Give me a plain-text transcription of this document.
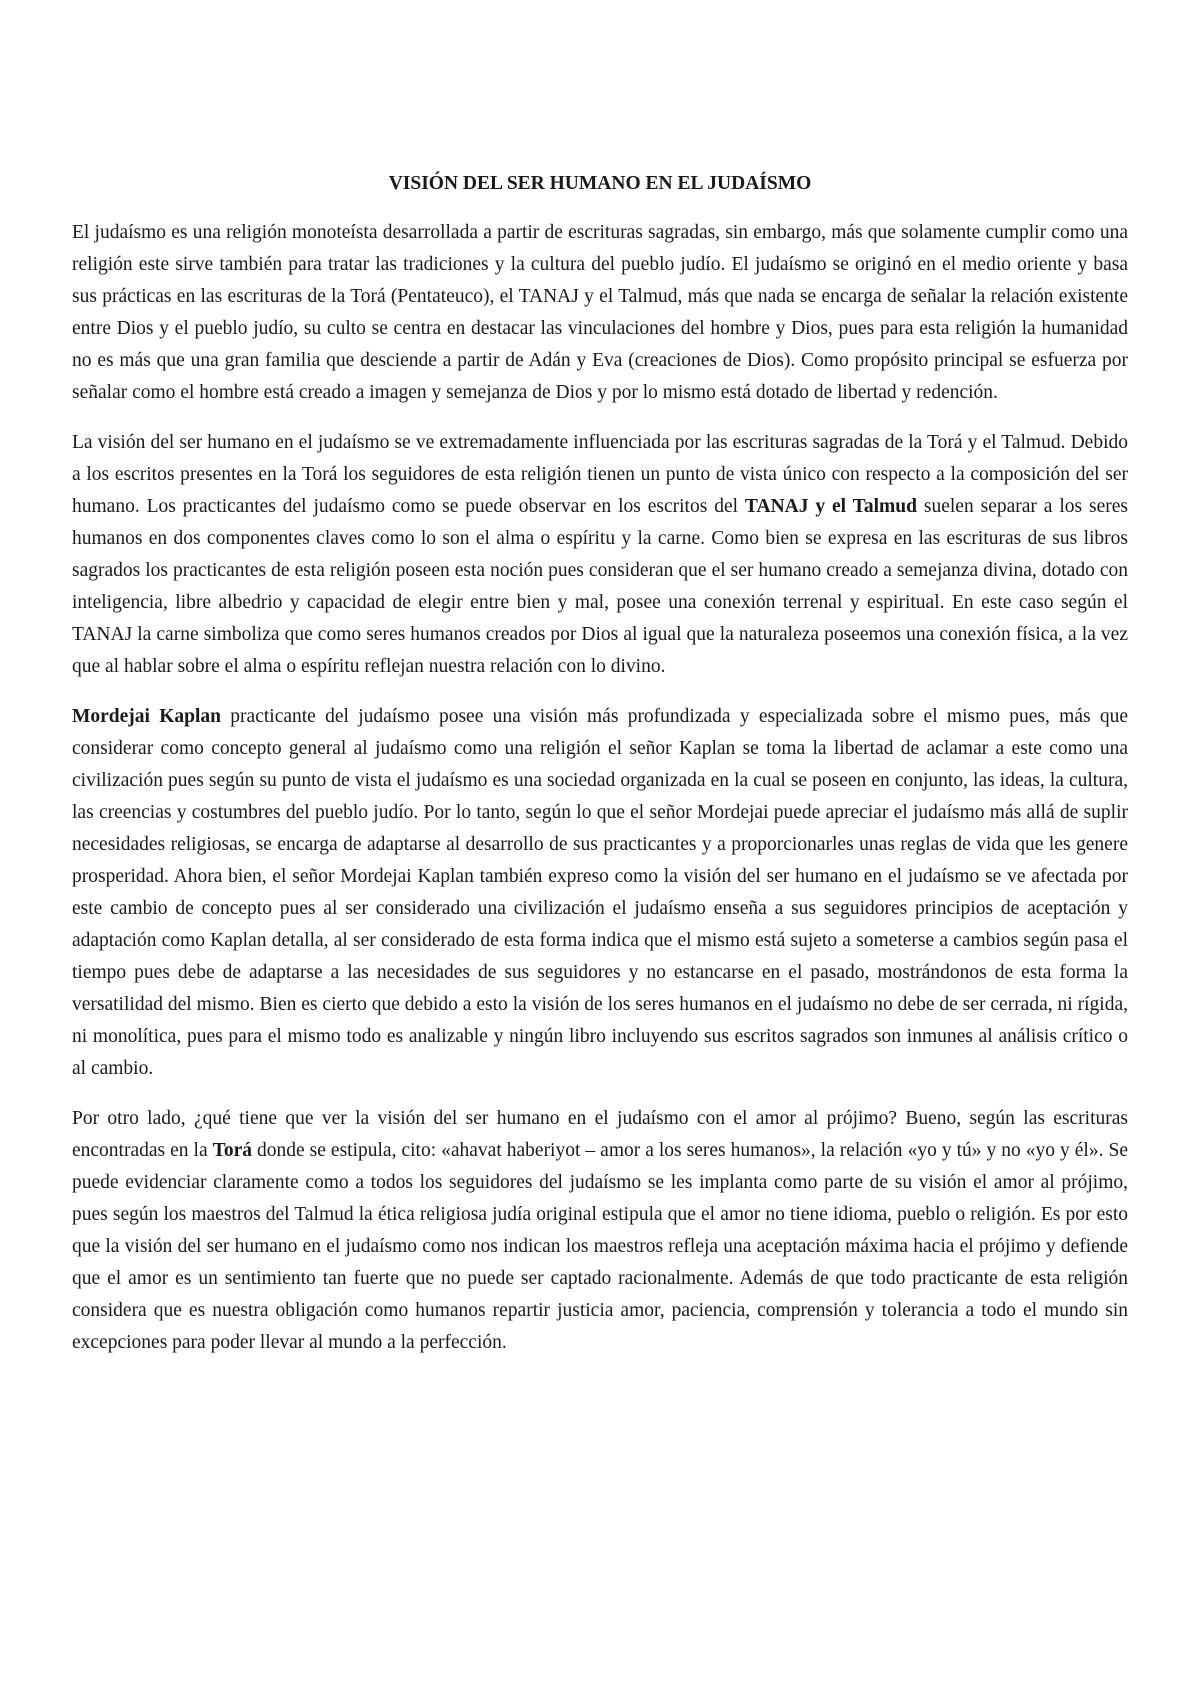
VISIÓN DEL SER HUMANO EN EL JUDAÍSMO

El judaísmo es una religión monoteísta desarrollada a partir de escrituras sagradas, sin embargo, más que solamente cumplir como una religión este sirve también para tratar las tradiciones y la cultura del pueblo judío. El judaísmo se originó en el medio oriente y basa sus prácticas en las escrituras de la Torá (Pentateuco), el TANAJ y el Talmud, más que nada se encarga de señalar la relación existente entre Dios y el pueblo judío, su culto se centra en destacar las vinculaciones del hombre y Dios, pues para esta religión la humanidad no es más que una gran familia que desciende a partir de Adán y Eva (creaciones de Dios). Como propósito principal se esfuerza por señalar como el hombre está creado a imagen y semejanza de Dios y por lo mismo está dotado de libertad y redención.

La visión del ser humano en el judaísmo se ve extremadamente influenciada por las escrituras sagradas de la Torá y el Talmud. Debido a los escritos presentes en la Torá los seguidores de esta religión tienen un punto de vista único con respecto a la composición del ser humano. Los practicantes del judaísmo como se puede observar en los escritos del TANAJ y el Talmud suelen separar a los seres humanos en dos componentes claves como lo son el alma o espíritu y la carne. Como bien se expresa en las escrituras de sus libros sagrados los practicantes de esta religión poseen esta noción pues consideran que el ser humano creado a semejanza divina, dotado con inteligencia, libre albedrio y capacidad de elegir entre bien y mal, posee una conexión terrenal y espiritual. En este caso según el TANAJ la carne simboliza que como seres humanos creados por Dios al igual que la naturaleza poseemos una conexión física, a la vez que al hablar sobre el alma o espíritu reflejan nuestra relación con lo divino.

Mordejai Kaplan practicante del judaísmo posee una visión más profundizada y especializada sobre el mismo pues, más que considerar como concepto general al judaísmo como una religión el señor Kaplan se toma la libertad de aclamar a este como una civilización pues según su punto de vista el judaísmo es una sociedad organizada en la cual se poseen en conjunto, las ideas, la cultura, las creencias y costumbres del pueblo judío. Por lo tanto, según lo que el señor Mordejai puede apreciar el judaísmo más allá de suplir necesidades religiosas, se encarga de adaptarse al desarrollo de sus practicantes y a proporcionarles unas reglas de vida que les genere prosperidad. Ahora bien, el señor Mordejai Kaplan también expreso como la visión del ser humano en el judaísmo se ve afectada por este cambio de concepto pues al ser considerado una civilización el judaísmo enseña a sus seguidores principios de aceptación y adaptación como Kaplan detalla, al ser considerado de esta forma indica que el mismo está sujeto a someterse a cambios según pasa el tiempo pues debe de adaptarse a las necesidades de sus seguidores y no estancarse en el pasado, mostrándonos de esta forma la versatilidad del mismo. Bien es cierto que debido a esto la visión de los seres humanos en el judaísmo no debe de ser cerrada, ni rígida, ni monolítica, pues para el mismo todo es analizable y ningún libro incluyendo sus escritos sagrados son inmunes al análisis crítico o al cambio.

Por otro lado, ¿qué tiene que ver la visión del ser humano en el judaísmo con el amor al prójimo? Bueno, según las escrituras encontradas en la Torá donde se estipula, cito: «ahavat haberiyot – amor a los seres humanos», la relación «yo y tú» y no «yo y él». Se puede evidenciar claramente como a todos los seguidores del judaísmo se les implanta como parte de su visión el amor al prójimo, pues según los maestros del Talmud la ética religiosa judía original estipula que el amor no tiene idioma, pueblo o religión. Es por esto que la visión del ser humano en el judaísmo como nos indican los maestros refleja una aceptación máxima hacia el prójimo y defiende que el amor es un sentimiento tan fuerte que no puede ser captado racionalmente. Además de que todo practicante de esta religión considera que es nuestra obligación como humanos repartir justicia amor, paciencia, comprensión y tolerancia a todo el mundo sin excepciones para poder llevar al mundo a la perfección.
